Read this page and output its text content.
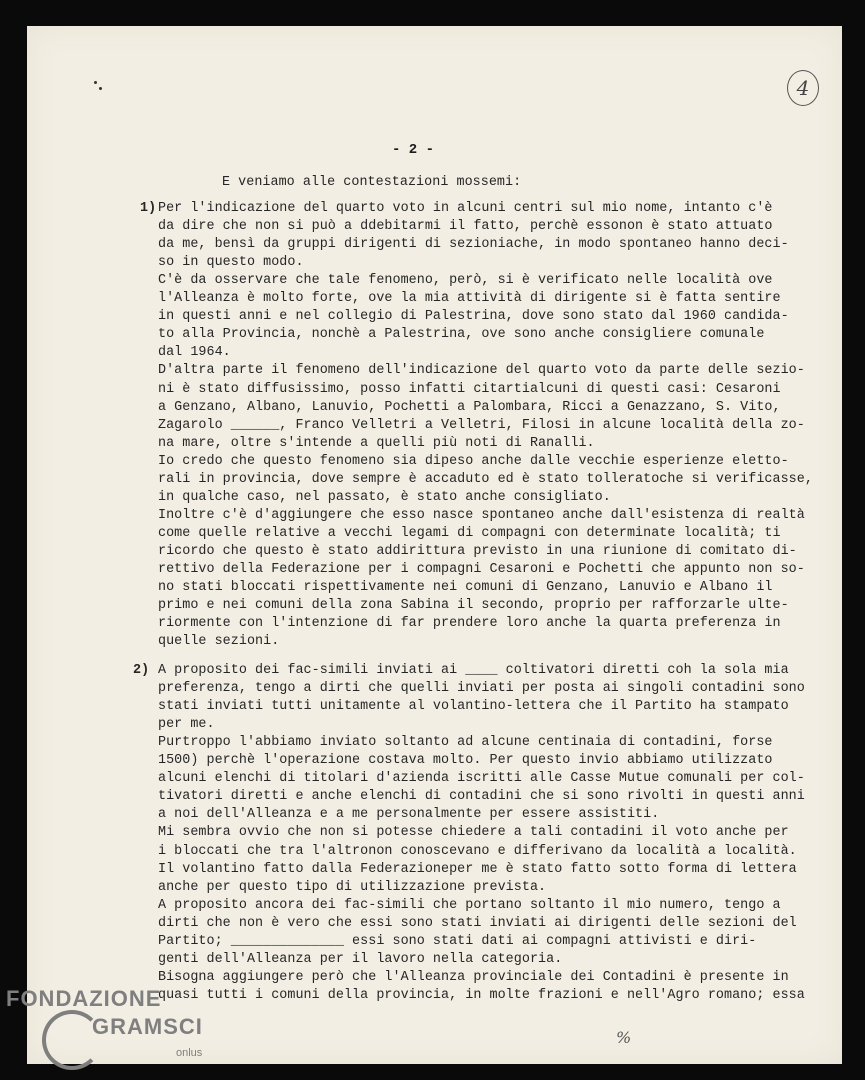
4
- 2 -
E veniamo alle contestazioni mossemi:
1) Per l'indicazione del quarto voto in alcuni centri sul mio nome, intanto c'è
da dire che non si può a ddebitarmi il fatto, perchè essonon è stato attuato
da me, bensì da gruppi dirigenti di sezioniache, in modo spontaneo hanno deci-
so in questo modo.
C'è da osservare che tale fenomeno, però, si è verificato nelle località ove
l'Alleanza è molto forte, ove la mia attività di dirigente si è fatta sentire
in questi anni e nel collegio di Palestrina, dove sono stato dal 1960 candida-
to alla Provincia, nonchè a Palestrina, ove sono anche consigliere comunale
dal 1964.
D'altra parte il fenomeno dell'indicazione del quarto voto da parte delle sezio-
ni è stato diffusissimo, posso infatti citartialcuni di questi casi: Cesaroni
a Genzano, Albano, Lanuvio, Pochetti a Palombara, Ricci a Genazzano, S. Vito,
Zagarolo ______, Franco Velletri a Velletri, Filosi in alcune località della zo-
na mare, oltre s'intende a quelli più noti di Ranalli.
Io credo che questo fenomeno sia dipeso anche dalle vecchie esperienze eletto-
rali in provincia, dove sempre è accaduto ed è stato tolleratoche si verificasse,
in qualche caso, nel passato, è stato anche consigliato.
Inoltre c'è d'aggiungere che esso nasce spontaneo anche dall'esistenza di realtà
come quelle relative a vecchi legami di compagni con determinate località; ti
ricordo che questo è stato addirittura previsto in una riunione di comitato di-
rettivo della Federazione per i compagni Cesaroni e Pochetti che appunto non so-
no stati bloccati rispettivamente nei comuni di Genzano, Lanuvio e Albano il
primo e nei comuni della zona Sabina il secondo, proprio per rafforzarle ulte-
riormente con l'intenzione di far prendere loro anche la quarta preferenza in
quelle sezioni.
2) A proposito dei fac-simili inviati ai ____ coltivatori diretti coh la sola mia
preferenza, tengo a dirti che quelli inviati per posta ai singoli contadini sono
stati inviati tutti unitamente al volantino-lettera che il Partito ha stampato
per me.
Purtroppo l'abbiamo inviato soltanto ad alcune centinaia di contadini, forse
1500) perchè l'operazione costava molto. Per questo invio abbiamo utilizzato
alcuni elenchi di titolari d'azienda iscritti alle Casse Mutue comunali per col-
tivatori diretti e anche elenchi di contadini che si sono rivolti in questi anni
a noi dell'Alleanza e a me personalmente per essere assistiti.
Mi sembra ovvio che non si potesse chiedere a tali contadini il voto anche per
i bloccati che tra l'altronon conoscevano e differivano da località a località.
Il volantino fatto dalla Federazioneper me è stato fatto sotto forma di lettera
anche per questo tipo di utilizzazione prevista.
A proposito ancora dei fac-simili che portano soltanto il mio numero, tengo a
dirti che non è vero che essi sono stati inviati ai dirigenti delle sezioni del
Partito; ______________ essi sono stati dati ai compagni attivisti e diri-
genti dell'Alleanza per il lavoro nella categoria.
Bisogna aggiungere però che l'Alleanza provinciale dei Contadini è presente in
quasi tutti i comuni della provincia, in molte frazioni e nell'Agro romano; essa
%
FONDAZIONE
GRAMSCI
onlus
